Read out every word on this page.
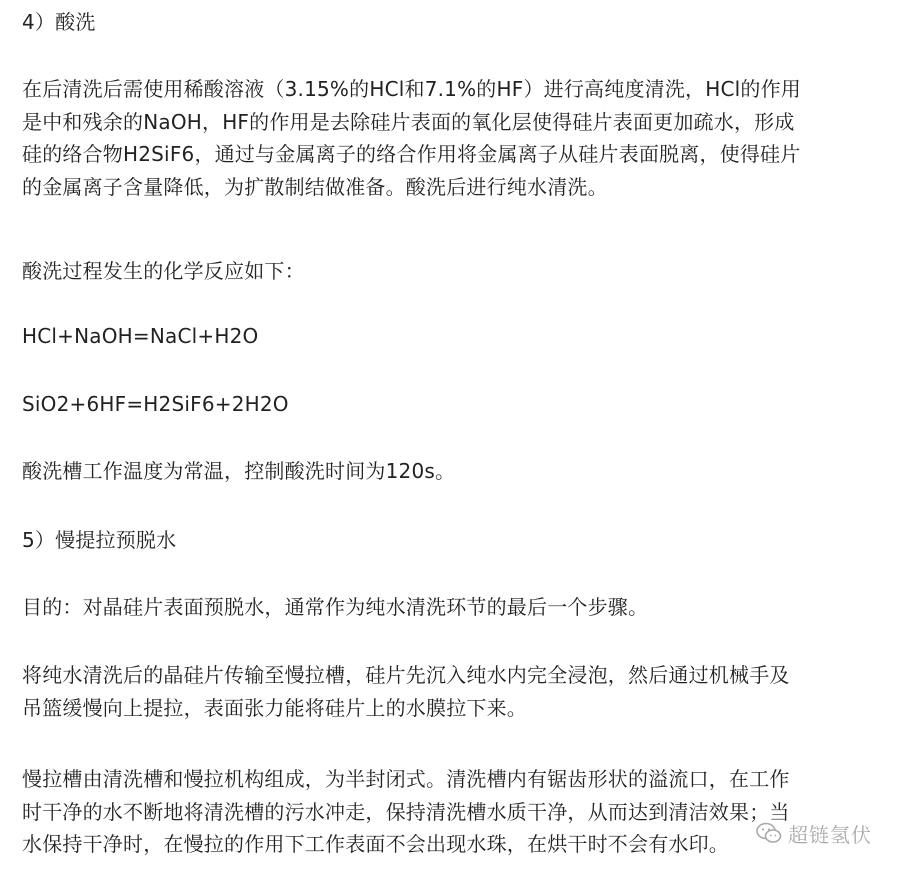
4）酸洗
在后清洗后需使用稀酸溶液（3.15%的HCl和7.1%的HF）进行高纯度清洗，HCl的作用
是中和残余的NaOH，HF的作用是去除硅片表面的氧化层使得硅片表面更加疏水，形成
硅的络合物H2SiF6，通过与金属离子的络合作用将金属离子从硅片表面脱离，使得硅片
的金属离子含量降低，为扩散制结做准备。酸洗后进行纯水清洗。
酸洗过程发生的化学反应如下：
HCl+NaOH=NaCl+H2O
SiO2+6HF=H2SiF6+2H2O
酸洗槽工作温度为常温，控制酸洗时间为120s。
5）慢提拉预脱水
目的：对晶硅片表面预脱水，通常作为纯水清洗环节的最后一个步骤。
将纯水清洗后的晶硅片传输至慢拉槽，硅片先沉入纯水内完全浸泡，然后通过机械手及
吊篮缓慢向上提拉，表面张力能将硅片上的水膜拉下来。
慢拉槽由清洗槽和慢拉机构组成，为半封闭式。清洗槽内有锯齿形状的溢流口，在工作
时干净的水不断地将清洗槽的污水冲走，保持清洗槽水质干净，从而达到清洁效果；当
水保持干净时，在慢拉的作用下工作表面不会出现水珠，在烘干时不会有水印。	超链氢伏
